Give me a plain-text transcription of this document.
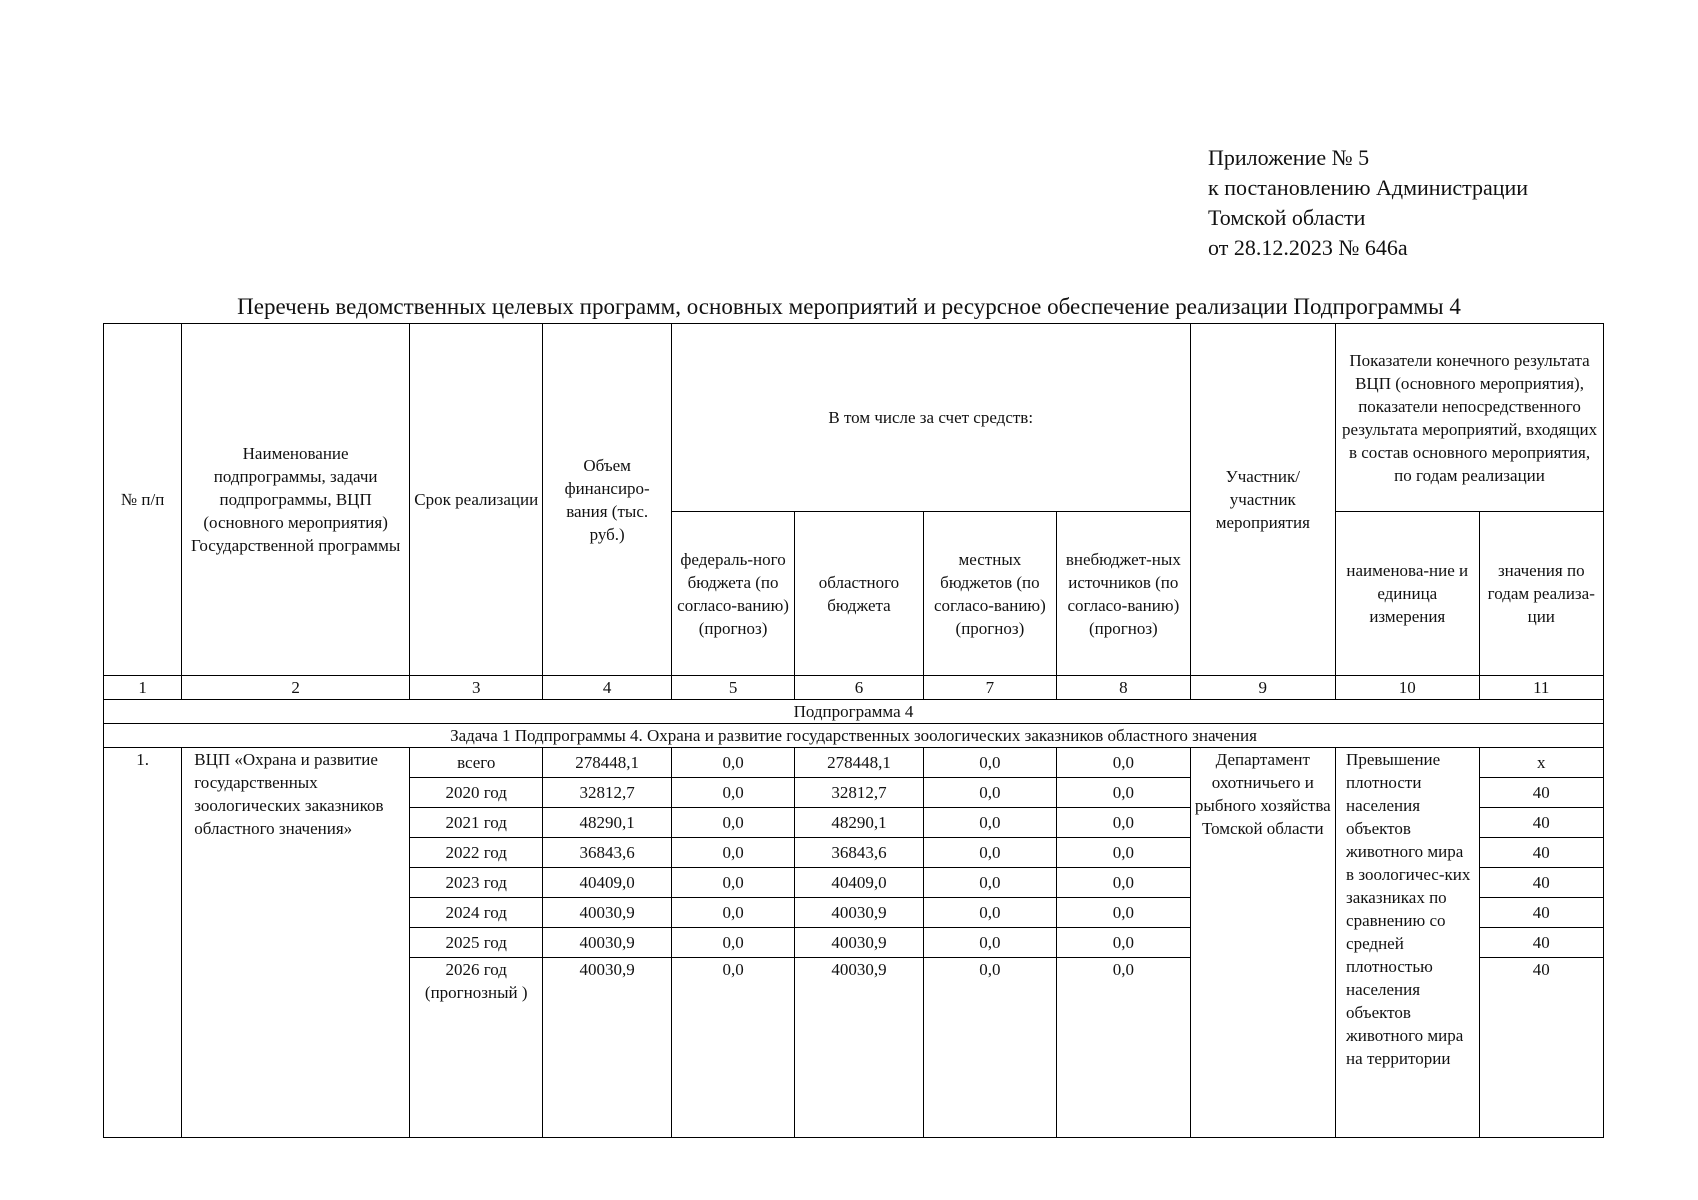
Приложение № 5
к постановлению Администрации
Томской области
от 28.12.2023 № 646а
Перечень ведомственных целевых программ, основных мероприятий и ресурсное обеспечение реализации Подпрограммы 4
№ п/п	Наименование подпрограммы, задачи подпрограммы, ВЦП (основного мероприятия) Государственной программы	Срок реализации	Объем финансиро-вания (тыс. руб.)	В том числе за счет средств:				Участник/ участник мероприятия	Показатели конечного результата ВЦП (основного мероприятия), показатели непосредственного результата мероприятий, входящих в состав основного мероприятия, по годам реализации	
				федераль-ного бюджета (по согласо-ванию) (прогноз)	областного бюджета	местных бюджетов (по согласо-ванию) (прогноз)	внебюджет-ных источников (по согласо-ванию) (прогноз)		наименова-ние и единица измерения	значения по годам реализа-ции
1	2	3	4	5	6	7	8	9	10	11
Подпрограмма 4										
Задача 1 Подпрограммы 4. Охрана и развитие государственных зоологических заказников областного значения										
1.	ВЦП «Охрана и развитие государственных зоологических заказников областного значения»	всего	278448,1	0,0	278448,1	0,0	0,0	Департамент охотничьего и рыбного хозяйства Томской области	Превышение плотности населения объектов животного мира в зоологичес-ких заказниках по сравнению со средней плотностью населения объектов животного мира на территории	х
		2020 год	32812,7	0,0	32812,7	0,0	0,0			40
		2021 год	48290,1	0,0	48290,1	0,0	0,0			40
		2022 год	36843,6	0,0	36843,6	0,0	0,0			40
		2023 год	40409,0	0,0	40409,0	0,0	0,0			40
		2024 год	40030,9	0,0	40030,9	0,0	0,0			40
		2025 год	40030,9	0,0	40030,9	0,0	0,0			40
		2026 год (прогнозный )	40030,9	0,0	40030,9	0,0	0,0			40
